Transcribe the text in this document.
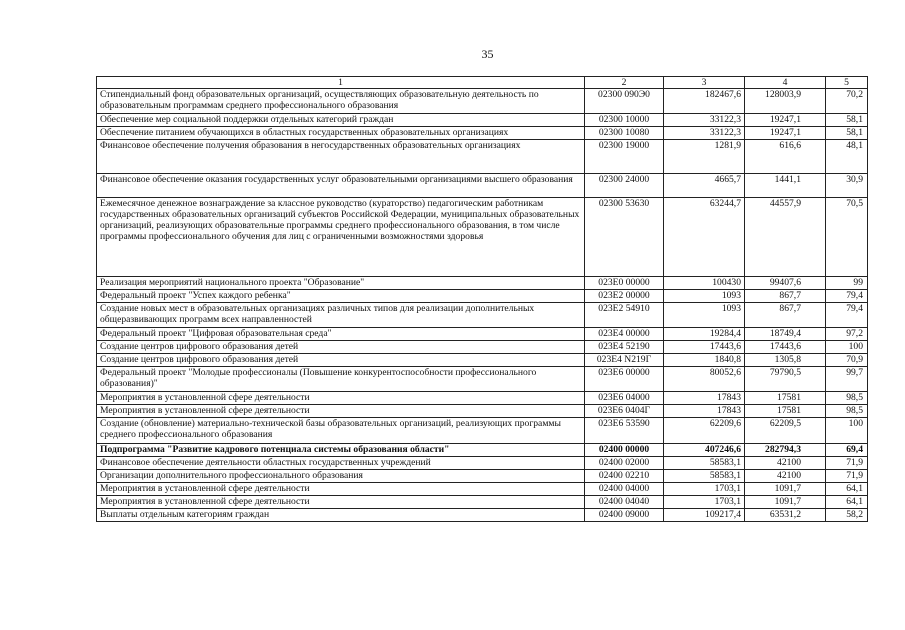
35
1	2	3	4	5
Стипендиальный фонд образовательных организаций, осуществляющих образовательную деятельность по образовательным программам среднего профессионального образования	02300 090Э0	182467,6	128003,9	70,2
Обеспечение мер социальной поддержки отдельных категорий граждан	02300 10000	33122,3	19247,1	58,1
Обеспечение питанием обучающихся в областных государственных образовательных организациях	02300 10080	33122,3	19247,1	58,1
Финансовое обеспечение получения образования в негосударственных образовательных организациях	02300 19000	1281,9	616,6	48,1
Финансовое обеспечение оказания государственных услуг образовательными организациями высшего образования	02300 24000	4665,7	1441,1	30,9
Ежемесячное денежное вознаграждение за классное руководство (кураторство) педагогическим работникам государственных образовательных организаций субъектов Российской Федерации, муниципальных образовательных организаций, реализующих образовательные программы среднего профессионального образования, в том числе программы профессионального обучения для лиц с ограниченными возможностями здоровья	02300 53630	63244,7	44557,9	70,5
Реализация мероприятий национального проекта "Образование"	023Е0 00000	100430	99407,6	99
Федеральный проект "Успех каждого ребенка"	023Е2 00000	1093	867,7	79,4
Создание новых мест в образовательных организациях различных типов для реализации дополнительных общеразвивающих программ всех направленностей	023Е2 54910	1093	867,7	79,4
Федеральный проект "Цифровая образовательная среда"	023Е4 00000	19284,4	18749,4	97,2
Создание центров цифрового образования детей	023Е4 52190	17443,6	17443,6	100
Создание центров цифрового образования детей	023Е4 N219Г	1840,8	1305,8	70,9
Федеральный проект "Молодые профессионалы (Повышение конкурентоспособности профессионального образования)"	023Е6 00000	80052,6	79790,5	99,7
Мероприятия в установленной сфере деятельности	023Е6 04000	17843	17581	98,5
Мероприятия в установленной сфере деятельности	023Е6 0404Г	17843	17581	98,5
Создание (обновление) материально-технической базы образовательных организаций, реализующих программы среднего профессионального образования	023Е6 53590	62209,6	62209,5	100
Подпрограмма "Развитие кадрового потенциала системы образования области"	02400 00000	407246,6	282794,3	69,4
Финансовое обеспечение деятельности областных государственных учреждений	02400 02000	58583,1	42100	71,9
Организации дополнительного профессионального образования	02400 02210	58583,1	42100	71,9
Мероприятия в установленной сфере деятельности	02400 04000	1703,1	1091,7	64,1
Мероприятия в установленной сфере деятельности	02400 04040	1703,1	1091,7	64,1
Выплаты отдельным категориям граждан	02400 09000	109217,4	63531,2	58,2
